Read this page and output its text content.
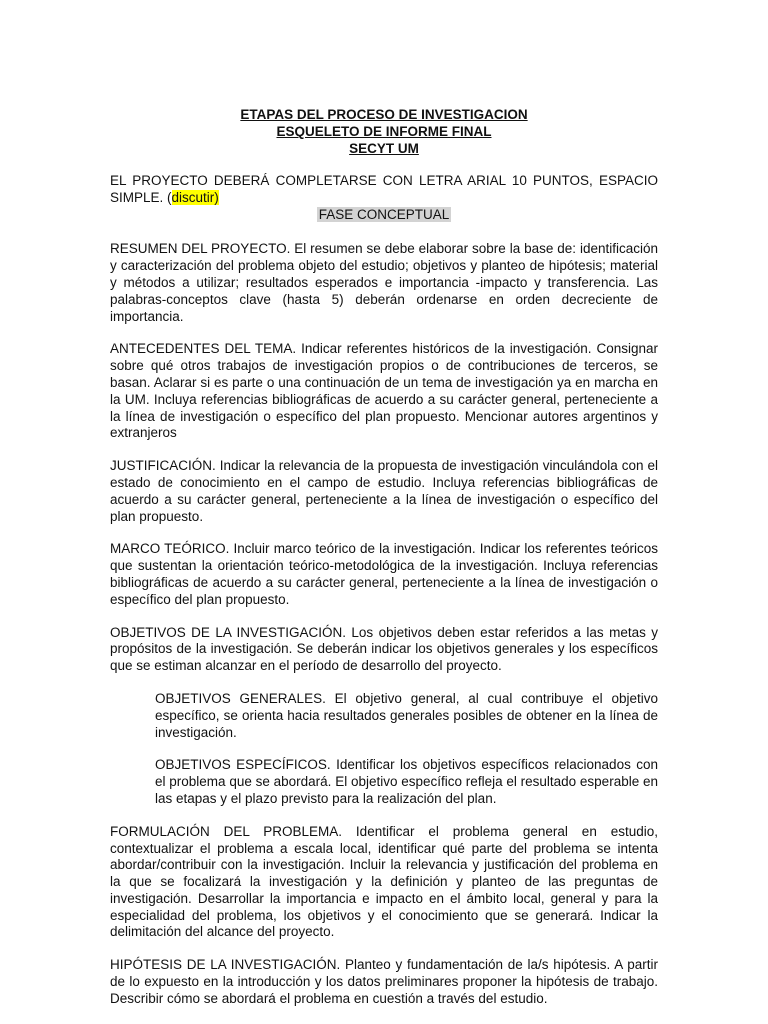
ETAPAS DEL PROCESO DE INVESTIGACION

ESQUELETO DE INFORME FINAL

SECYT UM

EL PROYECTO DEBERÁ COMPLETARSE CON LETRA ARIAL 10 PUNTOS, ESPACIO SIMPLE. (discutir)

FASE CONCEPTUAL

RESUMEN DEL PROYECTO. El resumen se debe elaborar sobre la base de: identificación y caracterización del problema objeto del estudio; objetivos y planteo de hipótesis; material y métodos a utilizar; resultados esperados e importancia -impacto y transferencia. Las palabras-conceptos clave (hasta 5) deberán ordenarse en orden decreciente de importancia.

ANTECEDENTES DEL TEMA. Indicar referentes históricos de la investigación. Consignar sobre qué otros trabajos de investigación propios o de contribuciones de terceros, se basan. Aclarar si es parte o una continuación de un tema de investigación ya en marcha en la UM. Incluya referencias bibliográficas de acuerdo a su carácter general, perteneciente a la línea de investigación o específico del plan propuesto. Mencionar autores argentinos y extranjeros

JUSTIFICACIÓN. Indicar la relevancia de la propuesta de investigación vinculándola con el estado de conocimiento en el campo de estudio. Incluya referencias bibliográficas de acuerdo a su carácter general, perteneciente a la línea de investigación o específico del plan propuesto.

MARCO TEÓRICO. Incluir marco teórico de la investigación. Indicar los referentes teóricos que sustentan la orientación teórico-metodológica de la investigación. Incluya referencias bibliográficas de acuerdo a su carácter general, perteneciente a la línea de investigación o específico del plan propuesto.

OBJETIVOS DE LA INVESTIGACIÓN. Los objetivos deben estar referidos a las metas y propósitos de la investigación. Se deberán indicar los objetivos generales y los específicos que se estiman alcanzar en el período de desarrollo del proyecto.

OBJETIVOS GENERALES. El objetivo general, al cual contribuye el objetivo específico, se orienta hacia resultados generales posibles de obtener en la línea de investigación.

OBJETIVOS ESPECÍFICOS. Identificar los objetivos específicos relacionados con el problema que se abordará. El objetivo específico refleja el resultado esperable en las etapas y el plazo previsto para la realización del plan.

FORMULACIÓN DEL PROBLEMA. Identificar el problema general en estudio, contextualizar el problema a escala local, identificar qué parte del problema se intenta abordar/contribuir con la investigación. Incluir la relevancia y justificación del problema en la que se focalizará la investigación y la definición y planteo de las preguntas de investigación. Desarrollar la importancia e impacto en el ámbito local, general y para la especialidad del problema, los objetivos y el conocimiento que se generará. Indicar la delimitación del alcance del proyecto.

HIPÓTESIS DE LA INVESTIGACIÓN. Planteo y fundamentación de la/s hipótesis. A partir de lo expuesto en la introducción y los datos preliminares proponer la hipótesis de trabajo. Describir cómo se abordará el problema en cuestión a través del estudio.
